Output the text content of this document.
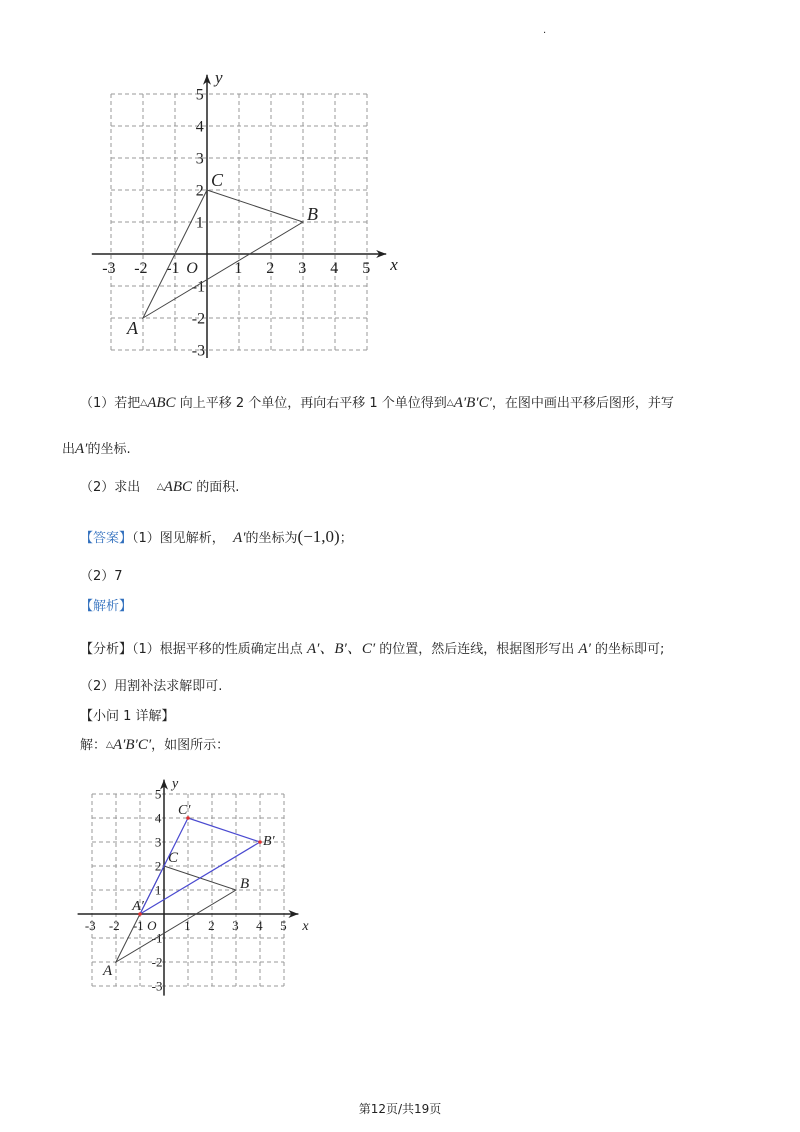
.
x
y
O
-3 -2 -1	1 2 3 4 5
5
4
3
2
1
-1
-2
-3
A
B
C
（1）若把△ABC 向上平移 2 个单位，再向右平移 1 个单位得到△A′B′C′，在图中画出平移后图形，并写
出A′的坐标.
（2）求出 △ABC 的面积.
【答案】（1）图见解析， A′的坐标为(−1,0)；
（2）7
【解析】
【分析】（1）根据平移的性质确定出点 A′、B′、C′ 的位置，然后连线，根据图形写出 A′ 的坐标即可;
（2）用割补法求解即可.
【小问 1 详解】
解：△A′B′C′，如图所示：
x
y
O
-3 -2 -1	1 2 3 4 5
5
4
3
2
1
-1
-2
-3
A
B
C
A′
B′
C′
第12页/共19页
